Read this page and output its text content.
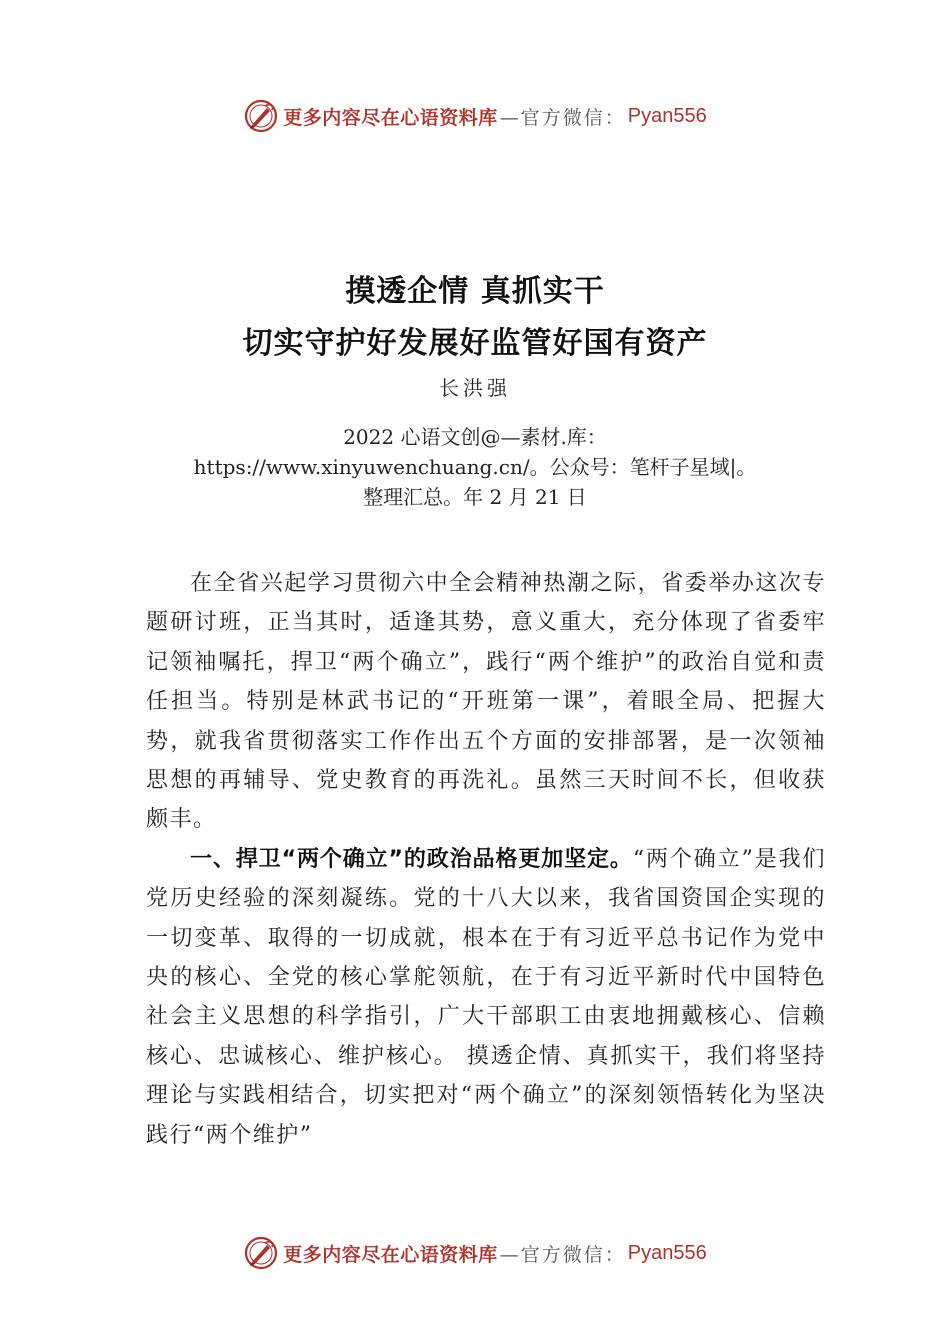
更多内容尽在心语资料库 —官方微信： Pyan556
摸透企情 真抓实干
切实守护好发展好监管好国有资产
长洪强
2022 心语文创@—素材.库：
https://www.xinyuwenchuang.cn/。公众号：笔杆子星域|。
整理汇总。年 2 月 21 日

在全省兴起学习贯彻六中全会精神热潮之际，省委举办这次专题研讨班，正当其时，适逢其势，意义重大，充分体现了省委牢记领袖嘱托，捍卫“两个确立”，践行“两个维护”的政治自觉和责任担当。特别是林武书记的“开班第一课”，着眼全局、把握大势，就我省贯彻落实工作作出五个方面的安排部署，是一次领袖思想的再辅导、党史教育的再洗礼。虽然三天时间不长，但收获颇丰。

一、捍卫“两个确立”的政治品格更加坚定。“两个确立”是我们党历史经验的深刻凝练。党的十八大以来，我省国资国企实现的一切变革、取得的一切成就，根本在于有习近平总书记作为党中央的核心、全党的核心掌舵领航，在于有习近平新时代中国特色社会主义思想的科学指引，广大干部职工由衷地拥戴核心、信赖核心、忠诚核心、维护核心。 摸透企情、真抓实干，我们将坚持理论与实践相结合，切实把对“两个确立”的深刻领悟转化为坚决践行“两个维护”

更多内容尽在心语资料库 —官方微信： Pyan556
